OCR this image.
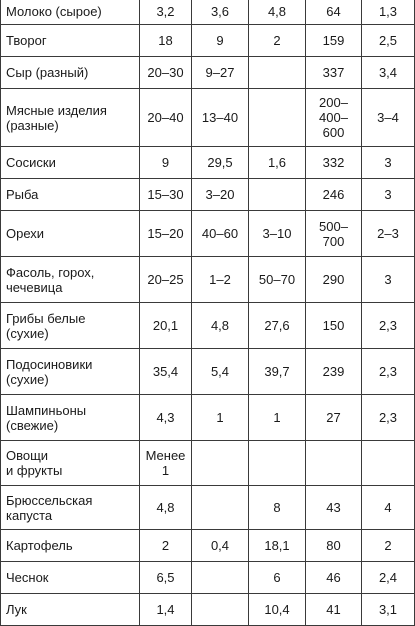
Молоко (сырое)	3,2	3,6	4,8	64	1,3
Творог	18	9	2	159	2,5
Сыр (разный)	20–30	9–27		337	3,4
Мясные изделия
(разные)	20–40	13–40		200–
400–
600	3–4
Сосиски	9	29,5	1,6	332	3
Рыба	15–30	3–20		246	3
Орехи	15–20	40–60	3–10	500–
700	2–3
Фасоль, горох,
чечевица	20–25	1–2	50–70	290	3
Грибы белые
(сухие)	20,1	4,8	27,6	150	2,3
Подосиновики
(сухие)	35,4	5,4	39,7	239	2,3
Шампиньоны
(свежие)	4,3	1	1	27	2,3
Овощи
и фрукты	Менее
1				
Брюссельская
капуста	4,8		8	43	4
Картофель	2	0,4	18,1	80	2
Чеснок	6,5		6	46	2,4
Лук	1,4		10,4	41	3,1
